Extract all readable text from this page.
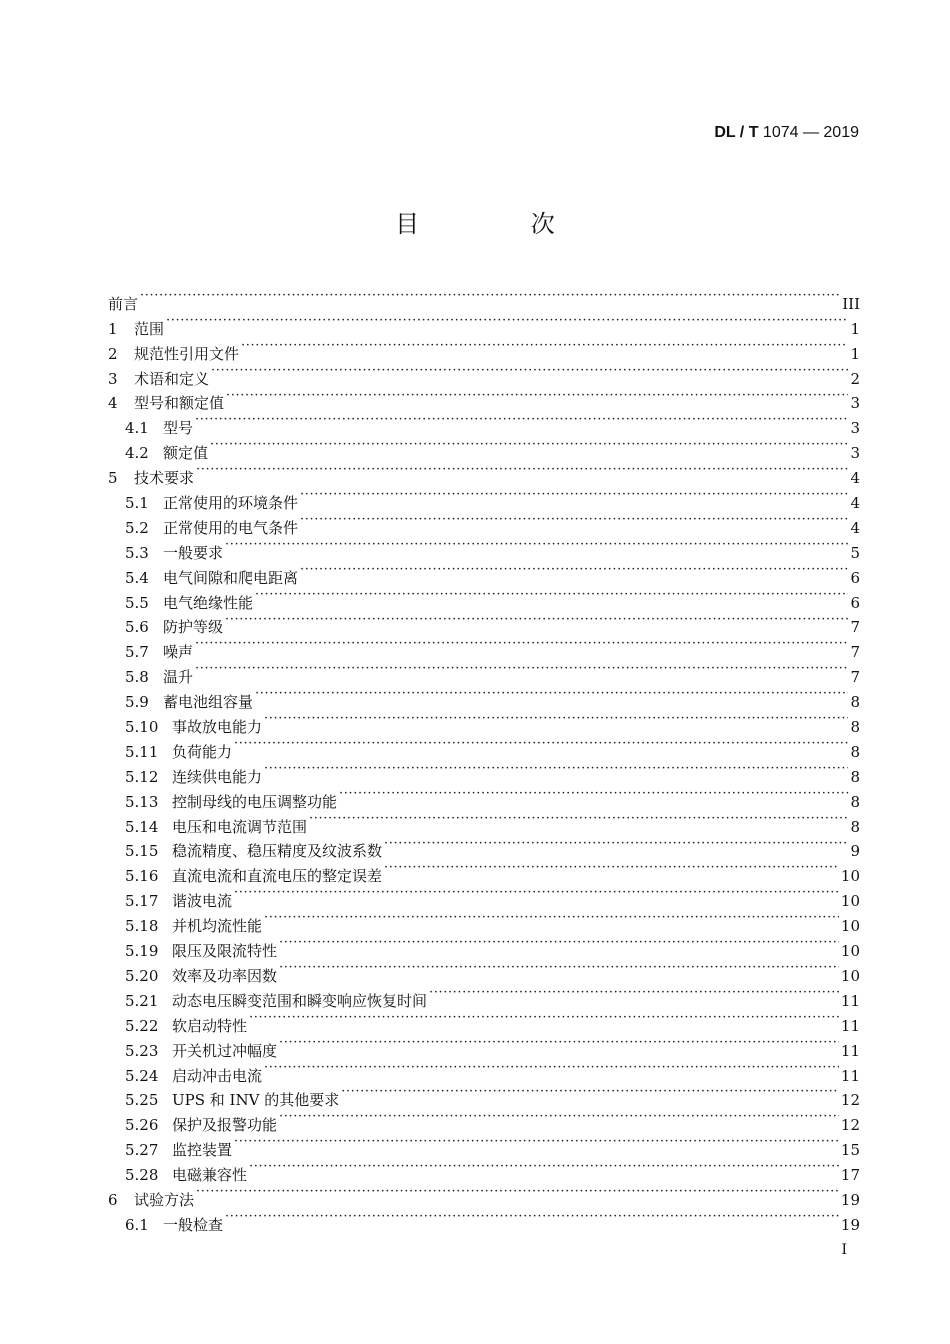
DL / T 1074 — 2019
目 次
前言 ·····	III
1	范围 ·····	1
2	规范性引用文件 ·····	1
3	术语和定义 ·····	2
4	型号和额定值 ·····	3
4.1 型号 ·····	3
4.2 额定值 ·····	3
5	技术要求 ·····	4
5.1 正常使用的环境条件 ·····	4
5.2 正常使用的电气条件 ·····	4
5.3 一般要求 ·····	5
5.4 电气间隙和爬电距离 ·····	6
5.5 电气绝缘性能 ·····	6
5.6 防护等级 ·····	7
5.7 噪声 ·····	7
5.8 温升 ·····	7
5.9 蓄电池组容量 ·····	8
5.10 事故放电能力 ·····	8
5.11 负荷能力 ·····	8
5.12 连续供电能力 ·····	8
5.13 控制母线的电压调整功能 ·····	8
5.14 电压和电流调节范围 ·····	8
5.15 稳流精度、稳压精度及纹波系数 ·····	9
5.16 直流电流和直流电压的整定误差 ·····	10
5.17 谐波电流 ·····	10
5.18 并机均流性能 ·····	10
5.19 限压及限流特性 ·····	10
5.20 效率及功率因数 ·····	10
5.21 动态电压瞬变范围和瞬变响应恢复时间 ·····	11
5.22 软启动特性 ·····	11
5.23 开关机过冲幅度 ·····	11
5.24 启动冲击电流 ·····	11
5.25 UPS 和 INV 的其他要求 ·····	12
5.26 保护及报警功能 ·····	12
5.27 监控装置 ·····	15
5.28 电磁兼容性 ·····	17
6	试验方法 ·····	19
6.1 一般检查 ·····	19
I
